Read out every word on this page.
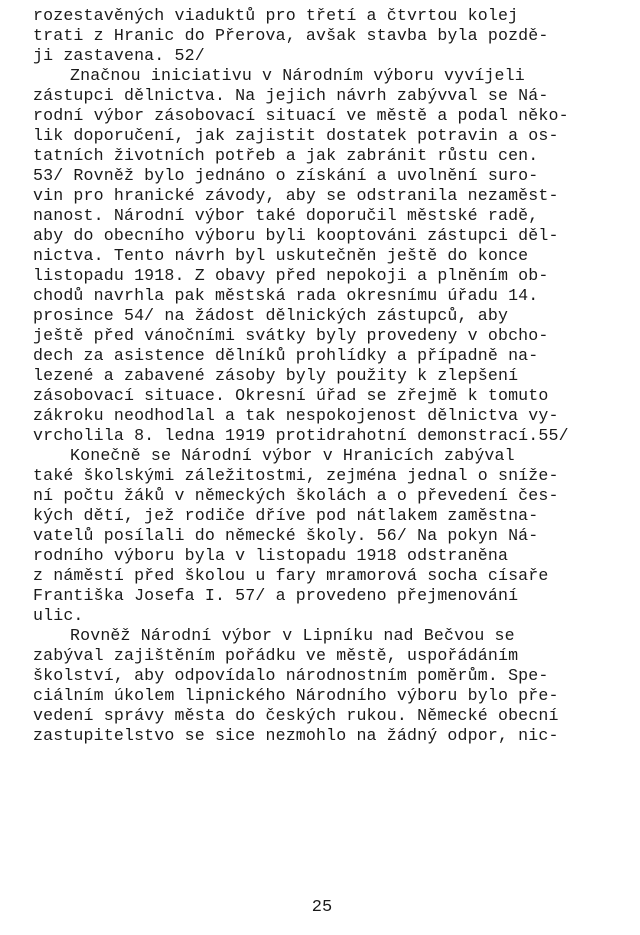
rozestavěných viaduktů pro třetí a čtvrtou kolej
trati z Hranic do Přerova, avšak stavba byla pozdě-
ji zastavena. 52/
Značnou iniciativu v Národním výboru vyvíjeli
zástupci dělnictva. Na jejich návrh zabývval se Ná-
rodní výbor zásobovací situací ve městě a podal něko-
lik doporučení, jak zajistit dostatek potravin a os-
tatních životních potřeb a jak zabránit růstu cen.
53/ Rovněž bylo jednáno o získání a uvolnění suro-
vin pro hranické závody, aby se odstranila nezaměst-
nanost. Národní výbor také doporučil městské radě,
aby do obecního výboru byli kooptováni zástupci děl-
nictva. Tento návrh byl uskutečněn ještě do konce
listopadu 1918. Z obavy před nepokoji a plněním ob-
chodů navrhla pak městská rada okresnímu úřadu 14.
prosince 54/ na žádost dělnických zástupců, aby
ještě před vánočními svátky byly provedeny v obcho-
dech za asistence dělníků prohlídky a případně na-
lezené a zabavené zásoby byly použity k zlepšení
zásobovací situace. Okresní úřad se zřejmě k tomuto
zákroku neodhodlal a tak nespokojenost dělnictva vy-
vrcholila 8. ledna 1919 protidrahotní demonstrací.55/
Konečně se Národní výbor v Hranicích zabýval
také školskými záležitostmi, zejména jednal o sníže-
ní počtu žáků v německých školách a o převedení čes-
kých dětí, jež rodiče dříve pod nátlakem zaměstna-
vatelů posílali do německé školy. 56/ Na pokyn Ná-
rodního výboru byla v listopadu 1918 odstraněna
z náměstí před školou u fary mramorová socha císaře
Františka Josefa I. 57/ a provedeno přejmenování
ulic.
Rovněž Národní výbor v Lipníku nad Bečvou se
zabýval zajištěním pořádku ve městě, uspořádáním
školství, aby odpovídalo národnostním poměrům. Spe-
ciálním úkolem lipnického Národního výboru bylo pře-
vedení správy města do českých rukou. Německé obecní
zastupitelstvo se sice nezmohlo na žádný odpor, nic-
25
